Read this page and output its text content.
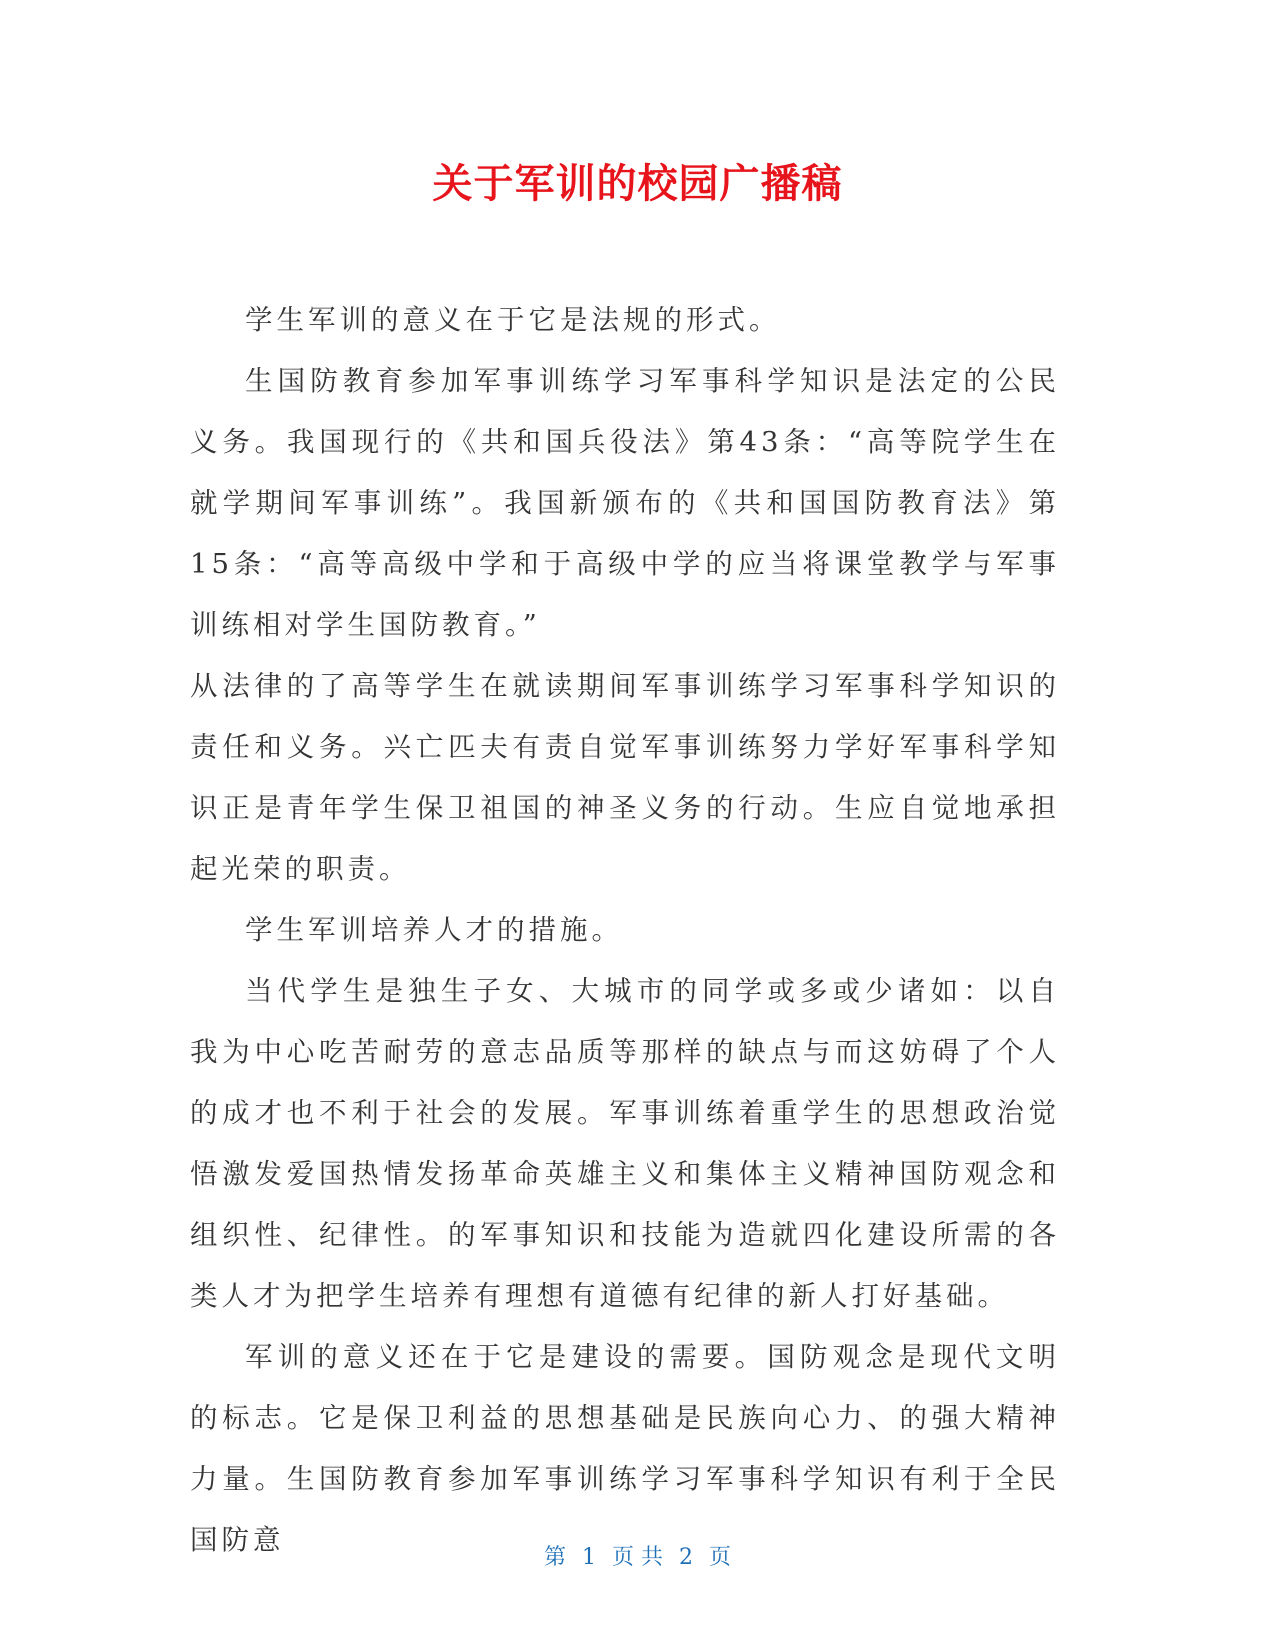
关于军训的校园广播稿

学生军训的意义在于它是法规的形式。

生国防教育参加军事训练学习军事科学知识是法定的公民义务。我国现行的《共和国兵役法》第43条：“高等院学生在就学期间军事训练”。我国新颁布的《共和国国防教育法》第15条：“高等高级中学和于高级中学的应当将课堂教学与军事训练相对学生国防教育。”

从法律的了高等学生在就读期间军事训练学习军事科学知识的责任和义务。兴亡匹夫有责自觉军事训练努力学好军事科学知识正是青年学生保卫祖国的神圣义务的行动。生应自觉地承担起光荣的职责。

学生军训培养人才的措施。

当代学生是独生子女、大城市的同学或多或少诸如：以自我为中心吃苦耐劳的意志品质等那样的缺点与而这妨碍了个人的成才也不利于社会的发展。军事训练着重学生的思想政治觉悟激发爱国热情发扬革命英雄主义和集体主义精神国防观念和组织性、纪律性。的军事知识和技能为造就四化建设所需的各类人才为把学生培养有理想有道德有纪律的新人打好基础。

军训的意义还在于它是建设的需要。国防观念是现代文明的标志。它是保卫利益的思想基础是民族向心力、的强大精神力量。生国防教育参加军事训练学习军事科学知识有利于全民国防意

第 1 页 共 2 页
